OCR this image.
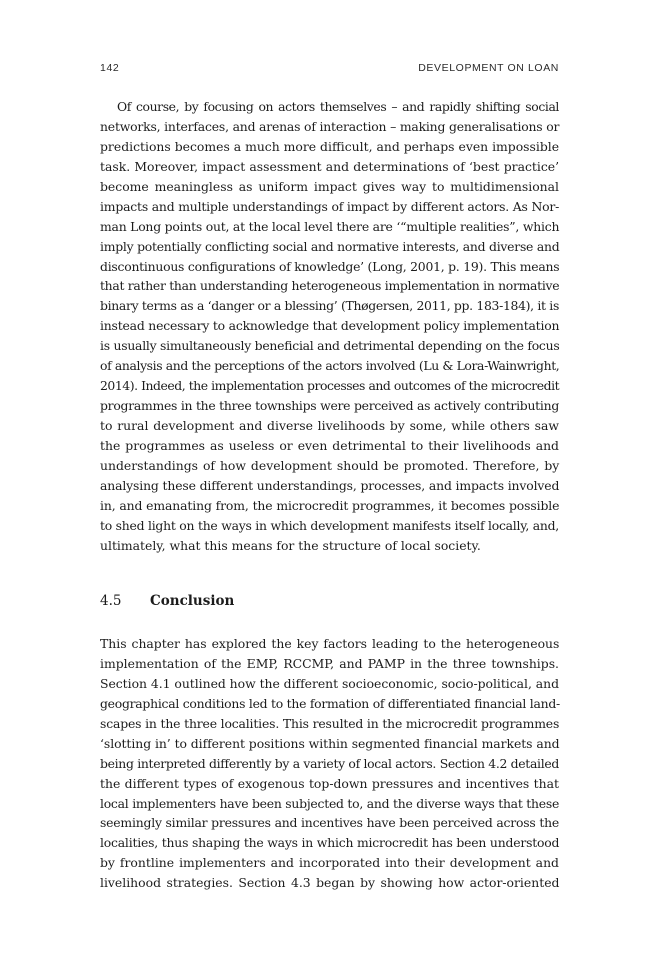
142	DEVELOPMENT ON LOAN
Of course, by focusing on actors themselves – and rapidly shifting social
networks, interfaces, and arenas of interaction – making generalisations or
predictions becomes a much more difficult, and perhaps even impossible
task. Moreover, impact assessment and determinations of ‘best practice’
become meaningless as uniform impact gives way to multidimensional
impacts and multiple understandings of impact by different actors. As Nor-
man Long points out, at the local level there are ‘“multiple realities”, which
imply potentially conflicting social and normative interests, and diverse and
discontinuous configurations of knowledge’ (Long, 2001, p. 19). This means
that rather than understanding heterogeneous implementation in normative
binary terms as a ‘danger or a blessing’ (Thøgersen, 2011, pp. 183-184), it is
instead necessary to acknowledge that development policy implementation
is usually simultaneously beneficial and detrimental depending on the focus
of analysis and the perceptions of the actors involved (Lu & Lora-Wainwright,
2014). Indeed, the implementation processes and outcomes of the microcredit
programmes in the three townships were perceived as actively contributing
to rural development and diverse livelihoods by some, while others saw
the programmes as useless or even detrimental to their livelihoods and
understandings of how development should be promoted. Therefore, by
analysing these different understandings, processes, and impacts involved
in, and emanating from, the microcredit programmes, it becomes possible
to shed light on the ways in which development manifests itself locally, and,
ultimately, what this means for the structure of local society.
4.5 Conclusion
This chapter has explored the key factors leading to the heterogeneous
implementation of the EMP, RCCMP, and PAMP in the three townships.
Section 4.1 outlined how the different socioeconomic, socio-political, and
geographical conditions led to the formation of differentiated financial land-
scapes in the three localities. This resulted in the microcredit programmes
‘slotting in’ to different positions within segmented financial markets and
being interpreted differently by a variety of local actors. Section 4.2 detailed
the different types of exogenous top-down pressures and incentives that
local implementers have been subjected to, and the diverse ways that these
seemingly similar pressures and incentives have been perceived across the
localities, thus shaping the ways in which microcredit has been understood
by frontline implementers and incorporated into their development and
livelihood strategies. Section 4.3 began by showing how actor-oriented
